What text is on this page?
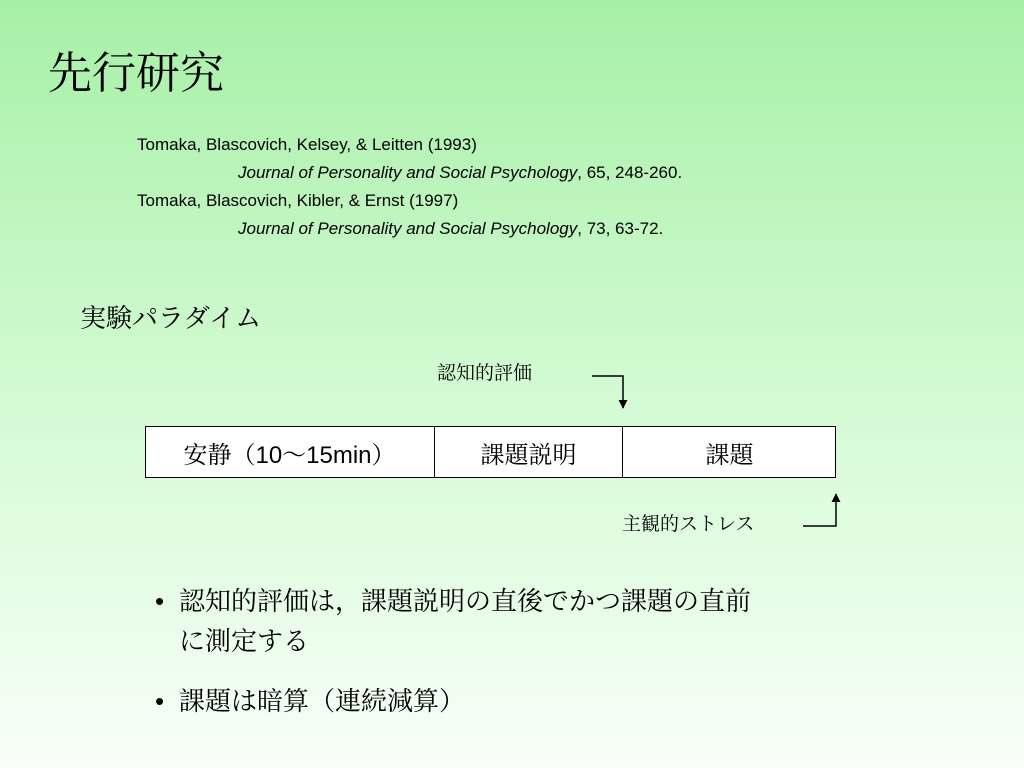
先行研究
Tomaka, Blascovich, Kelsey, & Leitten (1993)
Journal of Personality and Social Psychology, 65, 248-260.
Tomaka, Blascovich, Kibler, & Ernst (1997)
Journal of Personality and Social Psychology, 73, 63-72.
実験パラダイム
認知的評価
安静（10～15min）	課題説明	課題
主観的ストレス
• 認知的評価は，課題説明の直後でかつ課題の直前
に測定する
• 課題は暗算（連続減算）
